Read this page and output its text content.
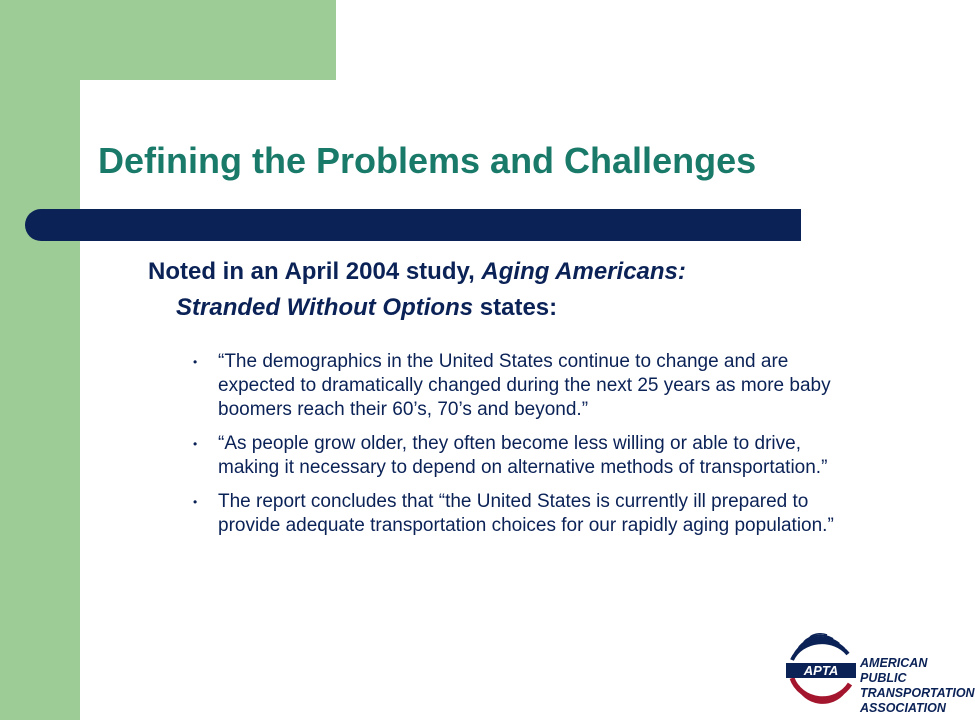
Defining the Problems and Challenges

Noted in an April 2004 study, Aging Americans:
Stranded Without Options states:

• “The demographics in the United States continue to change and are expected to dramatically changed during the next 25 years as more baby boomers reach their 60’s, 70’s and beyond.”
• “As people grow older, they often become less willing or able to drive, making it necessary to depend on alternative methods of transportation.”
• The report concludes that “the United States is currently ill prepared to provide adequate transportation choices for our rapidly aging population.”
APTA AMERICAN
PUBLIC
TRANSPORTATION
ASSOCIATION
